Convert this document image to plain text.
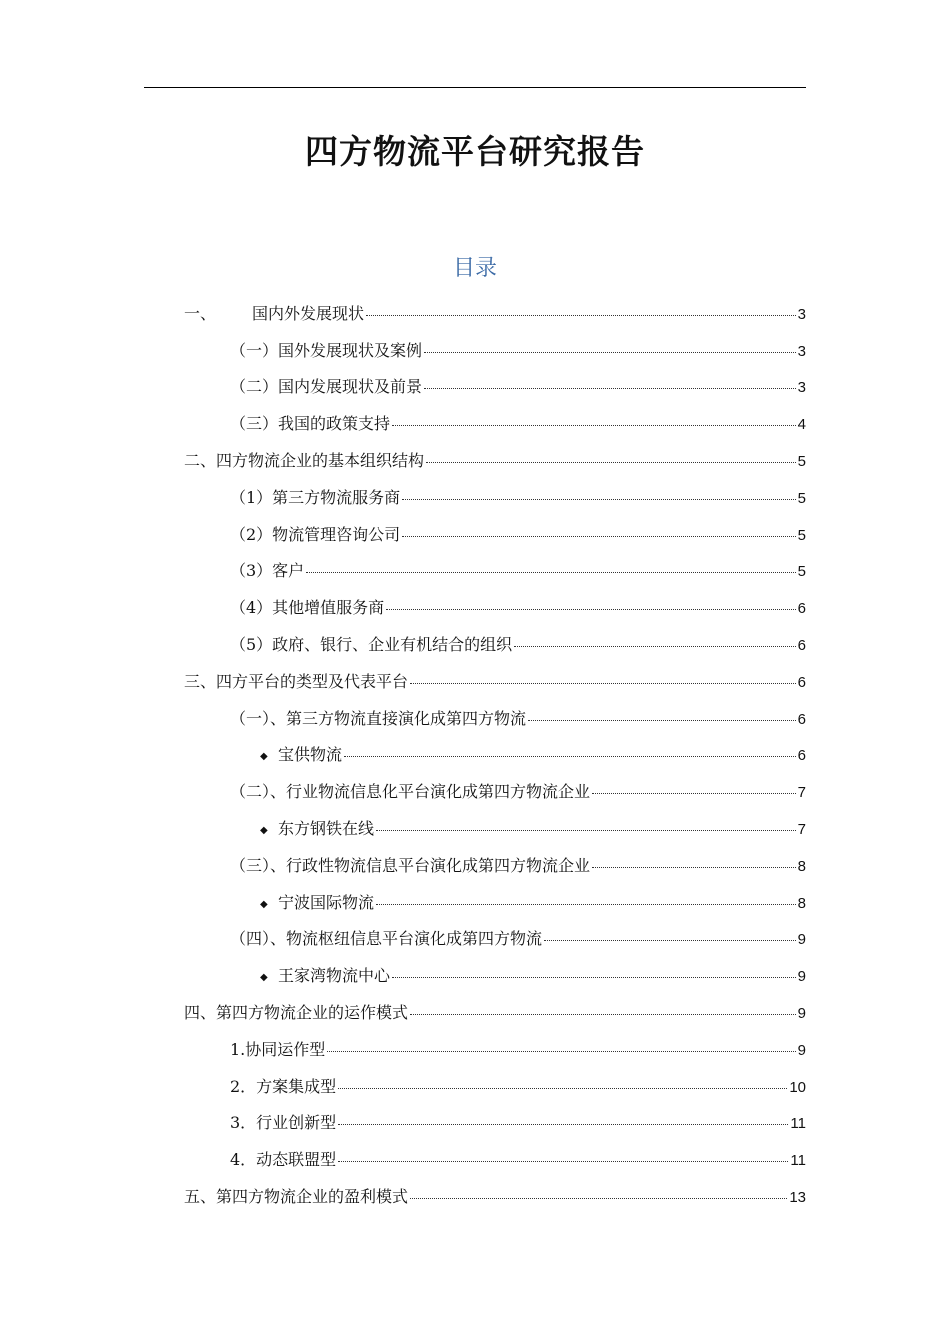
四方物流平台研究报告
目录
一、 国内外发展现状	3
（一）国外发展现状及案例	3
（二）国内发展现状及前景	3
（三）我国的政策支持	4
二、四方物流企业的基本组织结构	5
（1）第三方物流服务商	5
（2）物流管理咨询公司	5
（3）客户	5
（4）其他增值服务商	6
（5）政府、银行、企业有机结合的组织	6
三、四方平台的类型及代表平台	6
（一）、第三方物流直接演化成第四方物流	6
◆ 宝供物流	6
（二）、行业物流信息化平台演化成第四方物流企业	7
◆ 东方钢铁在线	7
（三）、行政性物流信息平台演化成第四方物流企业	8
◆ 宁波国际物流	8
（四）、物流枢纽信息平台演化成第四方物流	9
◆ 王家湾物流中心	9
四、第四方物流企业的运作模式	9
1.协同运作型	9
2．方案集成型	10
3．行业创新型	11
4．动态联盟型	11
五、第四方物流企业的盈利模式	13
